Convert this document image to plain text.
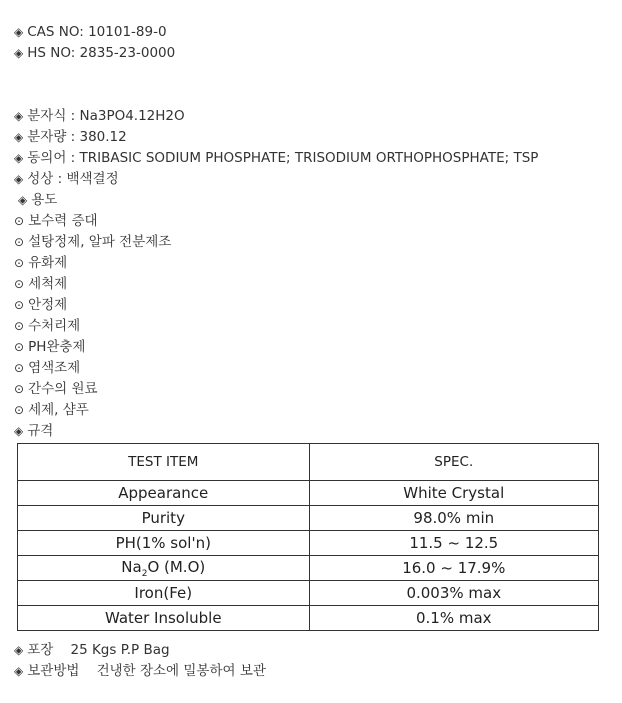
◈ CAS NO: 10101-89-0
◈ HS NO: 2835-23-0000
◈ 분자식 : Na3PO4.12H2O
◈ 분자량 : 380.12
◈ 동의어 : TRIBASIC SODIUM PHOSPHATE; TRISODIUM ORTHOPHOSPHATE; TSP
◈ 성상 : 백색결정
◈ 용도
⊙ 보수력 증대
⊙ 설탕정제, 알파 전분제조
⊙ 유화제
⊙ 세척제
⊙ 안정제
⊙ 수처리제
⊙ PH완충제
⊙ 염색조제
⊙ 간수의 원료
⊙ 세제, 샴푸
◈ 규격
TEST ITEM	SPEC.
Appearance	White Crystal
Purity	98.0% min
PH(1% sol'n)	11.5 ~ 12.5
$Na_2O$ (M.O)	16.0 ~ 17.9%
Iron(Fe)	0.003% max
Water Insoluble	0.1% max
◈ 포장    25 Kgs P.P Bag
◈ 보관방법    건냉한 장소에 밀봉하여 보관
